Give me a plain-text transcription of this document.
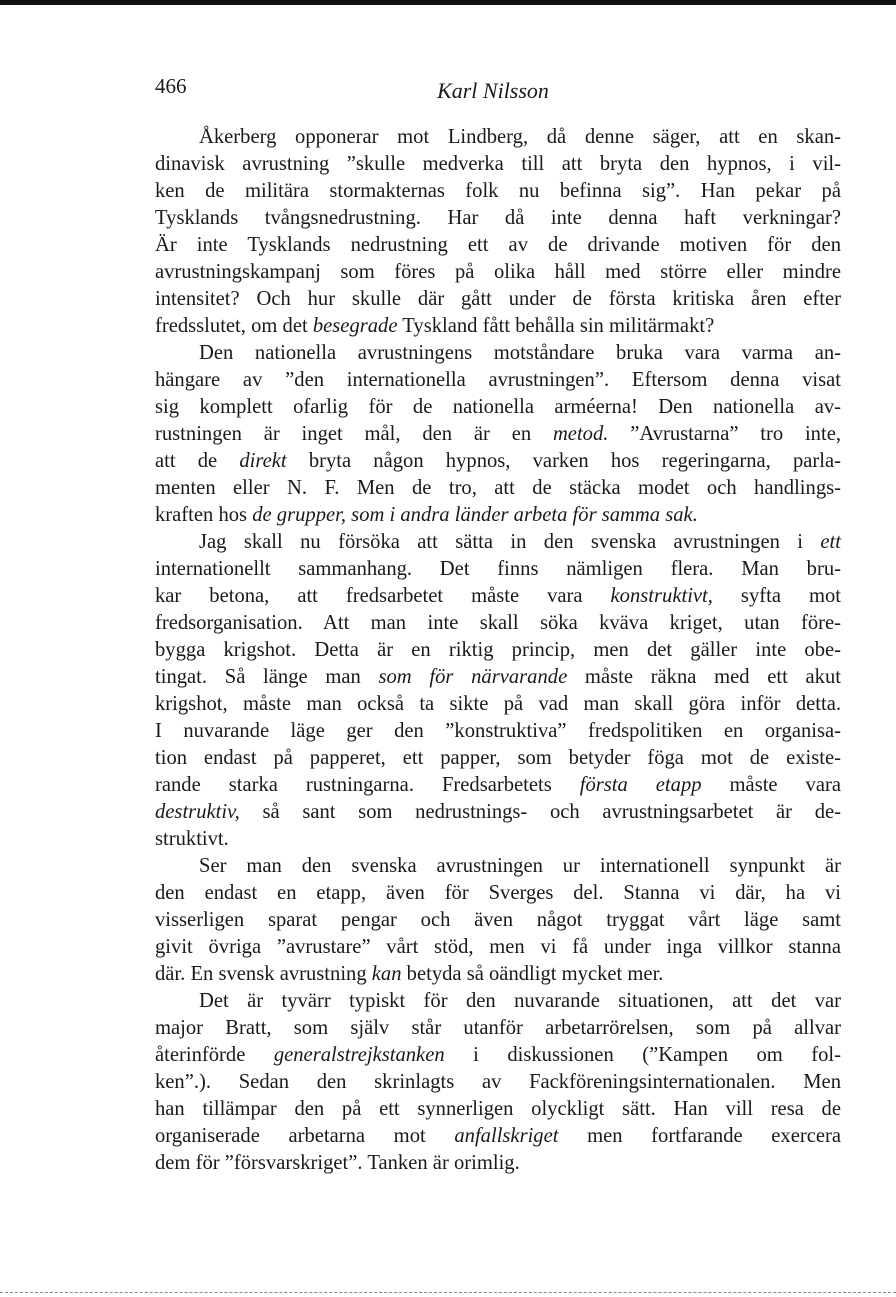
466	Karl Nilsson
Åkerberg opponerar mot Lindberg, då denne säger, att en skan-
dinavisk avrustning ”skulle medverka till att bryta den hypnos, i vil-
ken de militära stormakternas folk nu befinna sig”. Han pekar på
Tysklands tvångsnedrustning. Har då inte denna haft verkningar?
Är inte Tysklands nedrustning ett av de drivande motiven för den
avrustningskampanj som föres på olika håll med större eller mindre
intensitet? Och hur skulle där gått under de första kritiska åren efter
fredsslutet, om det besegrade Tyskland fått behålla sin militärmakt?
Den nationella avrustningens motståndare bruka vara varma an-
hängare av ”den internationella avrustningen”. Eftersom denna visat
sig komplett ofarlig för de nationella arméerna! Den nationella av-
rustningen är inget mål, den är en metod. ”Avrustarna” tro inte,
att de direkt bryta någon hypnos, varken hos regeringarna, parla-
menten eller N. F. Men de tro, att de stäcka modet och handlings-
kraften hos de grupper, som i andra länder arbeta för samma sak.
Jag skall nu försöka att sätta in den svenska avrustningen i ett
internationellt sammanhang. Det finns nämligen flera. Man bru-
kar betona, att fredsarbetet måste vara konstruktivt, syfta mot
fredsorganisation. Att man inte skall söka kväva kriget, utan före-
bygga krigshot. Detta är en riktig princip, men det gäller inte obe-
tingat. Så länge man som för närvarande måste räkna med ett akut
krigshot, måste man också ta sikte på vad man skall göra inför detta.
I nuvarande läge ger den ”konstruktiva” fredspolitiken en organisa-
tion endast på papperet, ett papper, som betyder föga mot de existe-
rande starka rustningarna. Fredsarbetets första etapp måste vara
destruktiv, så sant som nedrustnings- och avrustningsarbetet är de-
struktivt.
Ser man den svenska avrustningen ur internationell synpunkt är
den endast en etapp, även för Sverges del. Stanna vi där, ha vi
visserligen sparat pengar och även något tryggat vårt läge samt
givit övriga ”avrustare” vårt stöd, men vi få under inga villkor stanna
där. En svensk avrustning kan betyda så oändligt mycket mer.
Det är tyvärr typiskt för den nuvarande situationen, att det var
major Bratt, som själv står utanför arbetarrörelsen, som på allvar
återinförde generalstrejkstanken i diskussionen (”Kampen om fol-
ken”.). Sedan den skrinlagts av Fackföreningsinternationalen. Men
han tillämpar den på ett synnerligen olyckligt sätt. Han vill resa de
organiserade arbetarna mot anfallskriget men fortfarande exercera
dem för ”försvarskriget”. Tanken är orimlig.
